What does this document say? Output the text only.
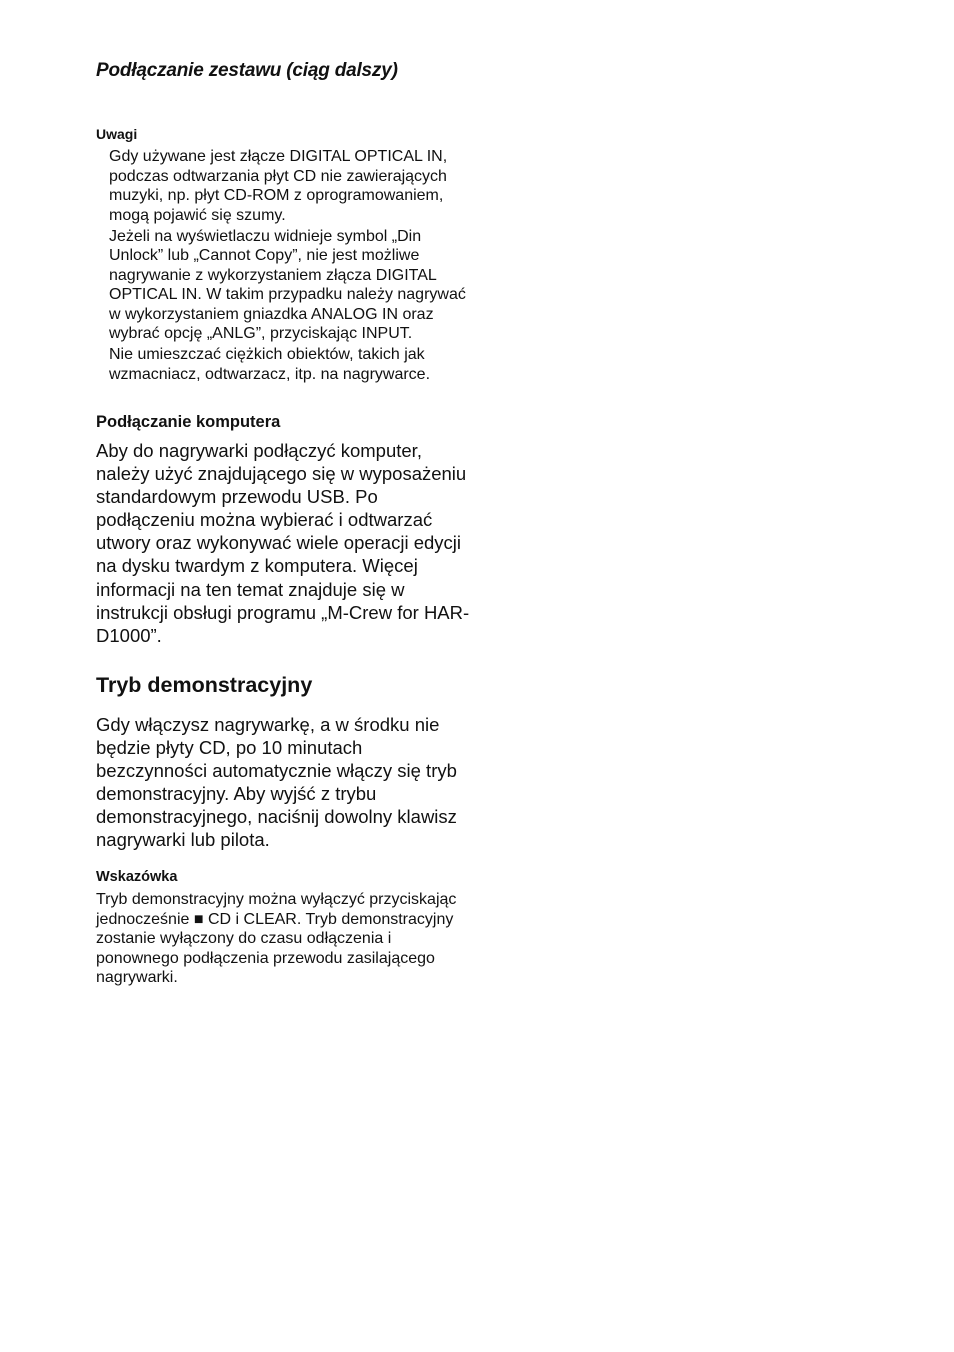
Podłączanie zestawu (ciąg dalszy)
Uwagi
Gdy używane jest złącze DIGITAL OPTICAL IN, podczas odtwarzania płyt CD nie zawierających muzyki, np. płyt CD-ROM z oprogramowaniem, mogą pojawić się szumy.
Jeżeli na wyświetlaczu widnieje symbol „Din Unlock” lub „Cannot Copy”, nie jest możliwe nagrywanie z wykorzystaniem złącza DIGITAL OPTICAL IN. W takim przypadku należy nagrywać w wykorzystaniem gniazdka ANALOG IN oraz wybrać opcję „ANLG”, przyciskając INPUT.
Nie umieszczać ciężkich obiektów, takich jak wzmacniacz, odtwarzacz, itp. na nagrywarce.
Podłączanie komputera

Aby do nagrywarki podłączyć komputer, należy użyć znajdującego się w wyposażeniu standardowym przewodu USB. Po podłączeniu można wybierać i odtwarzać utwory oraz wykonywać wiele operacji edycji na dysku twardym z komputera. Więcej informacji na ten temat znajduje się w instrukcji obsługi programu „M-Crew for HAR-D1000”.

Tryb demonstracyjny

Gdy włączysz nagrywarkę, a w środku nie będzie płyty CD, po 10 minutach bezczynności automatycznie włączy się tryb demonstracyjny. Aby wyjść z trybu demonstracyjnego, naciśnij dowolny klawisz nagrywarki lub pilota.

Wskazówka

Tryb demonstracyjny można wyłączyć przyciskając jednocześnie ■ CD i CLEAR. Tryb demonstracyjny zostanie wyłączony do czasu odłączenia i ponownego podłączenia przewodu zasilającego nagrywarki.
